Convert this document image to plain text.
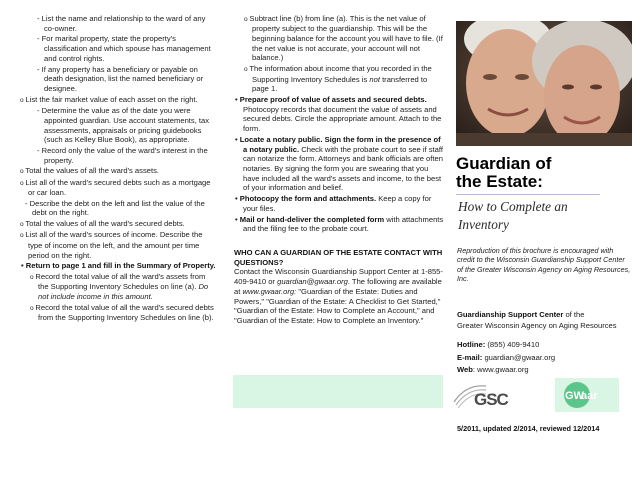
- List the name and relationship to the ward of any co-owner.
- For marital property, state the property's classification and which spouse has management and control rights.
- If any property has a beneficiary or payable on death designation, list the named beneficiary or designee.
o List the fair market value of each asset on the right.
- Determine the value as of the date you were appointed guardian. Use account statements, tax assessments, appraisals or pricing guidebooks (such as Kelley Blue Book), as appropriate.
- Record only the value of the ward's interest in the property.
o Total the values of all the ward's assets.
o List all of the ward's secured debts such as a mortgage or car loan.
- Describe the debt on the left and list the value of the debt on the right.
o Total the values of all the ward's secured debts.
o List all of the ward's sources of income. Describe the type of income on the left, and the amount per time period on the right.
• Return to page 1 and fill in the Summary of Property.
o Record the total value of all the ward's assets from the Supporting Inventory Schedules on line (a). Do not include income in this amount.
o Record the total value of all the ward's secured debts from the Supporting Inventory Schedules on line (b).
o Subtract line (b) from line (a). This is the net value of property subject to the guardianship. This will be the beginning balance for the account you will have to file. (If the net value is not accurate, your account will not balance.)
o The information about income that you recorded in the Supporting Inventory Schedules is not transferred to page 1.
• Prepare proof of value of assets and secured debts. Photocopy records that document the value of assets and secured debts. Circle the appropriate amount. Attach to the form.
• Locate a notary public. Sign the form in the presence of a notary public. Check with the probate court to see if staff can notarize the form. Attorneys and bank officials are often notaries. By signing the form you are swearing that you have included all the ward's assets and income, to the best of your information and belief.
• Photocopy the form and attachments. Keep a copy for your files.
• Mail or hand-deliver the completed form with attachments and the filing fee to the probate court.
WHO CAN A GUARDIAN OF THE ESTATE CONTACT WITH QUESTIONS?
Contact the Wisconsin Guardianship Support Center at 1-855-409-9410 or guardian@gwaar.org. The following are available at www.gwaar.org: "Guardian of the Estate: Duties and Powers," "Guardian of the Estate: A Checklist to Get Started," "Guardian of the Estate: How to Complete an Account," and "Guardian of the Estate: How to Complete an Inventory."
Guardian of
the Estate:
How to Complete an
Inventory
Reproduction of this brochure is encouraged with credit to the Wisconsin Guardianship Support Center of the Greater Wisconsin Agency on Aging Resources, Inc.
Guardianship Support Center of the
Greater Wisconsin Agency on Aging Resources
Hotline: (855) 409-9410
E-mail: guardian@gwaar.org
Web: www.gwaar.org
GSC	GW
aar
5/2011, updated 2/2014, reviewed 12/2014
